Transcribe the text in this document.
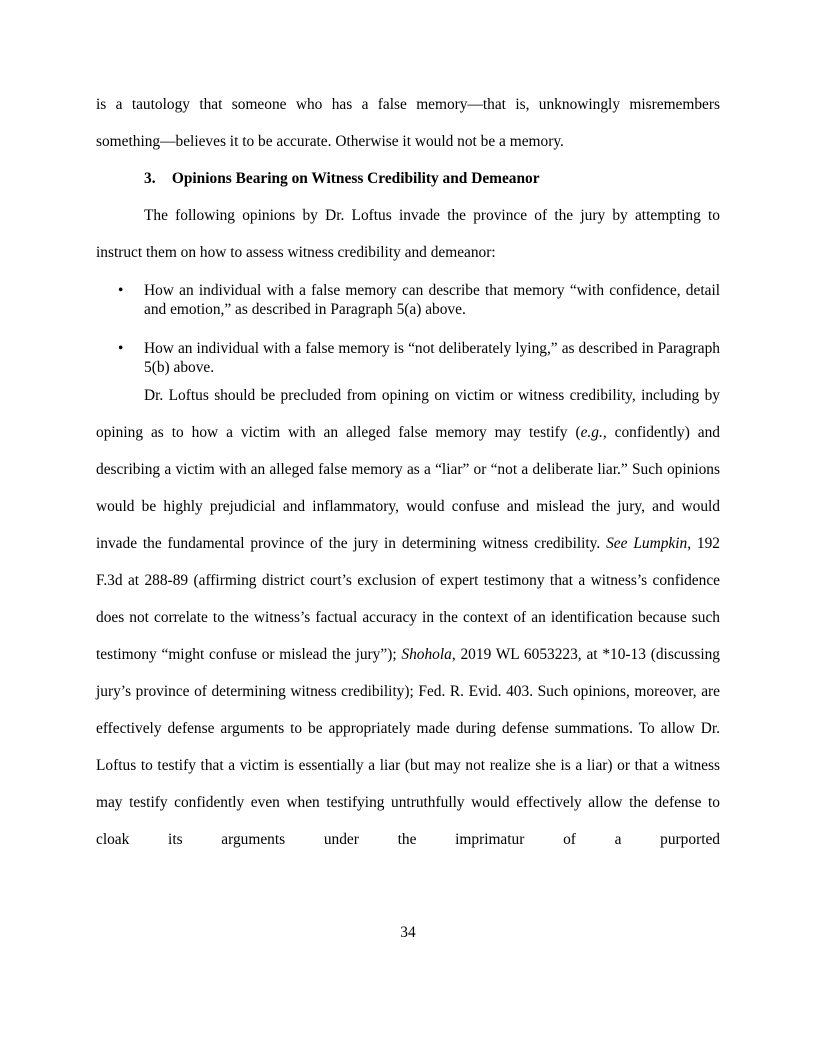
is a tautology that someone who has a false memory—that is, unknowingly misremembers something—believes it to be accurate. Otherwise it would not be a memory.

3. Opinions Bearing on Witness Credibility and Demeanor

The following opinions by Dr. Loftus invade the province of the jury by attempting to instruct them on how to assess witness credibility and demeanor:

• How an individual with a false memory can describe that memory “with confidence, detail and emotion,” as described in Paragraph 5(a) above.
• How an individual with a false memory is “not deliberately lying,” as described in Paragraph 5(b) above.

Dr. Loftus should be precluded from opining on victim or witness credibility, including by opining as to how a victim with an alleged false memory may testify (e.g., confidently) and describing a victim with an alleged false memory as a “liar” or “not a deliberate liar.” Such opinions would be highly prejudicial and inflammatory, would confuse and mislead the jury, and would invade the fundamental province of the jury in determining witness credibility. See Lumpkin, 192 F.3d at 288-89 (affirming district court’s exclusion of expert testimony that a witness’s confidence does not correlate to the witness’s factual accuracy in the context of an identification because such testimony “might confuse or mislead the jury”); Shohola, 2019 WL 6053223, at *10-13 (discussing jury’s province of determining witness credibility); Fed. R. Evid. 403. Such opinions, moreover, are effectively defense arguments to be appropriately made during defense summations. To allow Dr. Loftus to testify that a victim is essentially a liar (but may not realize she is a liar) or that a witness may testify confidently even when testifying untruthfully would effectively allow the defense to cloak its arguments under the imprimatur of a purported

34
